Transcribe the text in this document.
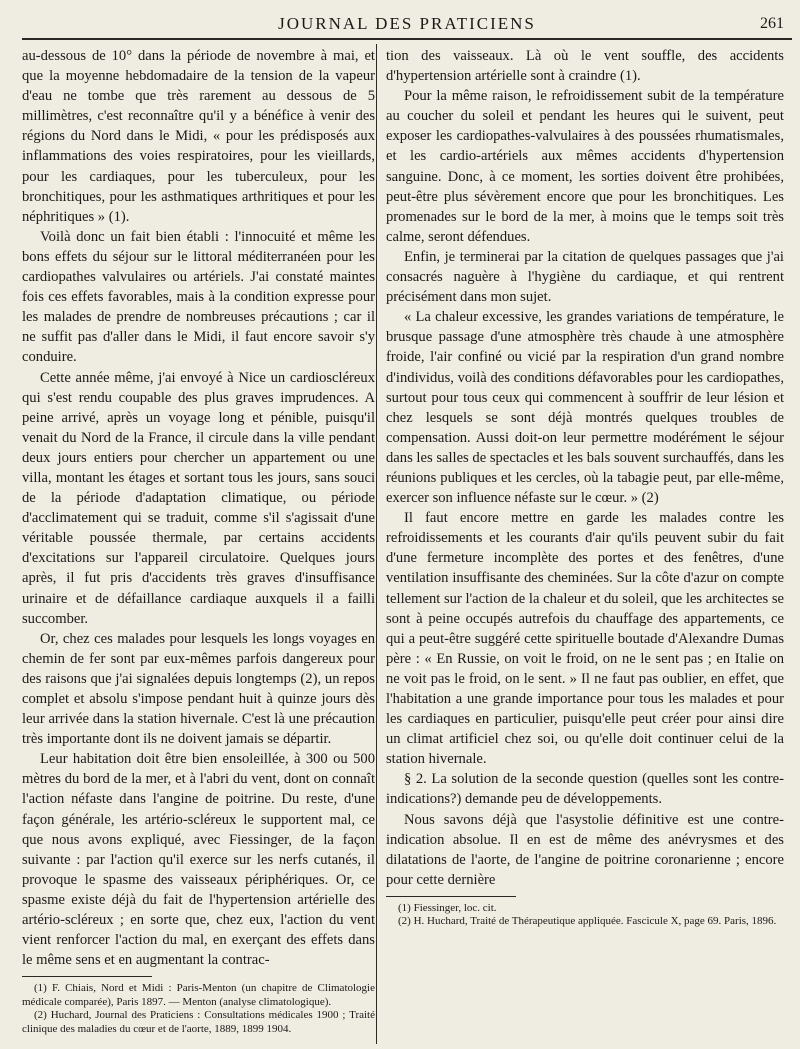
JOURNAL DES PRATICIENS	261

au-dessous de 10° dans la période de novembre à mai, et que la moyenne hebdomadaire de la tension de la vapeur d'eau ne tombe que très rarement au dessous de 5 millimètres, c'est reconnaître qu'il y a bénéfice à venir des régions du Nord dans le Midi, « pour les prédisposés aux inflammations des voies respiratoires, pour les vieillards, pour les cardiaques, pour les tuberculeux, pour les bronchitiques, pour les asthmatiques arthritiques et pour les néphritiques » (1).

Voilà donc un fait bien établi : l'innocuité et même les bons effets du séjour sur le littoral méditerranéen pour les cardiopathes valvulaires ou artériels. J'ai constaté maintes fois ces effets favorables, mais à la condition expresse pour les malades de prendre de nombreuses précautions ; car il ne suffit pas d'aller dans le Midi, il faut encore savoir s'y conduire.

Cette année même, j'ai envoyé à Nice un cardioscléreux qui s'est rendu coupable des plus graves imprudences. A peine arrivé, après un voyage long et pénible, puisqu'il venait du Nord de la France, il circule dans la ville pendant deux jours entiers pour chercher un appartement ou une villa, montant les étages et sortant tous les jours, sans souci de la période d'adaptation climatique, ou période d'acclimatement qui se traduit, comme s'il s'agissait d'une véritable poussée thermale, par certains accidents d'excitations sur l'appareil circulatoire. Quelques jours après, il fut pris d'accidents très graves d'insuffisance urinaire et de défaillance cardiaque auxquels il a failli succomber.

Or, chez ces malades pour lesquels les longs voyages en chemin de fer sont par eux-mêmes parfois dangereux pour des raisons que j'ai signalées depuis longtemps (2), un repos complet et absolu s'impose pendant huit à quinze jours dès leur arrivée dans la station hivernale. C'est là une précaution très importante dont ils ne doivent jamais se départir.

Leur habitation doit être bien ensoleillée, à 300 ou 500 mètres du bord de la mer, et à l'abri du vent, dont on connaît l'action néfaste dans l'angine de poitrine. Du reste, d'une façon générale, les artério-scléreux le supportent mal, ce que nous avons expliqué, avec Fiessinger, de la façon suivante : par l'action qu'il exerce sur les nerfs cutanés, il provoque le spasme des vaisseaux périphériques. Or, ce spasme existe déjà du fait de l'hypertension artérielle des artério-scléreux ; en sorte que, chez eux, l'action du vent vient renforcer l'action du mal, en exerçant des effets dans le même sens et en augmentant la contrac-

(1) F. Chiais, Nord et Midi : Paris-Menton (un chapitre de Climatologie médicale comparée), Paris 1897. — Menton (analyse climatologique).

(2) Huchard, Journal des Praticiens : Consultations médicales 1900 ; Traité clinique des maladies du cœur et de l'aorte, 1889, 1899 1904.

tion des vaisseaux. Là où le vent souffle, des accidents d'hypertension artérielle sont à craindre (1).

Pour la même raison, le refroidissement subit de la température au coucher du soleil et pendant les heures qui le suivent, peut exposer les cardiopathes-valvulaires à des poussées rhumatismales, et les cardio-artériels aux mêmes accidents d'hypertension sanguine. Donc, à ce moment, les sorties doivent être prohibées, peut-être plus sévèrement encore que pour les bronchitiques. Les promenades sur le bord de la mer, à moins que le temps soit très calme, seront défendues.

Enfin, je terminerai par la citation de quelques passages que j'ai consacrés naguère à l'hygiène du cardiaque, et qui rentrent précisément dans mon sujet.

« La chaleur excessive, les grandes variations de température, le brusque passage d'une atmosphère très chaude à une atmosphère froide, l'air confiné ou vicié par la respiration d'un grand nombre d'individus, voilà des conditions défavorables pour les cardiopathes, surtout pour tous ceux qui commencent à souffrir de leur lésion et chez lesquels se sont déjà montrés quelques troubles de compensation. Aussi doit-on leur permettre modérément le séjour dans les salles de spectacles et les bals souvent surchauffés, dans les réunions publiques et les cercles, où la tabagie peut, par elle-même, exercer son influence néfaste sur le cœur. » (2)

Il faut encore mettre en garde les malades contre les refroidissements et les courants d'air qu'ils peuvent subir du fait d'une fermeture incomplète des portes et des fenêtres, d'une ventilation insuffisante des cheminées. Sur la côte d'azur on compte tellement sur l'action de la chaleur et du soleil, que les architectes se sont à peine occupés autrefois du chauffage des appartements, ce qui a peut-être suggéré cette spirituelle boutade d'Alexandre Dumas père : « En Russie, on voit le froid, on ne le sent pas ; en Italie on ne voit pas le froid, on le sent. » Il ne faut pas oublier, en effet, que l'habitation a une grande importance pour tous les malades et pour les cardiaques en particulier, puisqu'elle peut créer pour ainsi dire un climat artificiel chez soi, ou qu'elle doit continuer celui de la station hivernale.

§ 2. La solution de la seconde question (quelles sont les contre-indications?) demande peu de développements.

Nous savons déjà que l'asystolie définitive est une contre-indication absolue. Il en est de même des anévrysmes et des dilatations de l'aorte, de l'angine de poitrine coronarienne ; encore pour cette dernière

(1) Fiessinger, loc. cit.

(2) H. Huchard, Traité de Thérapeutique appliquée. Fascicule X, page 69. Paris, 1896.
